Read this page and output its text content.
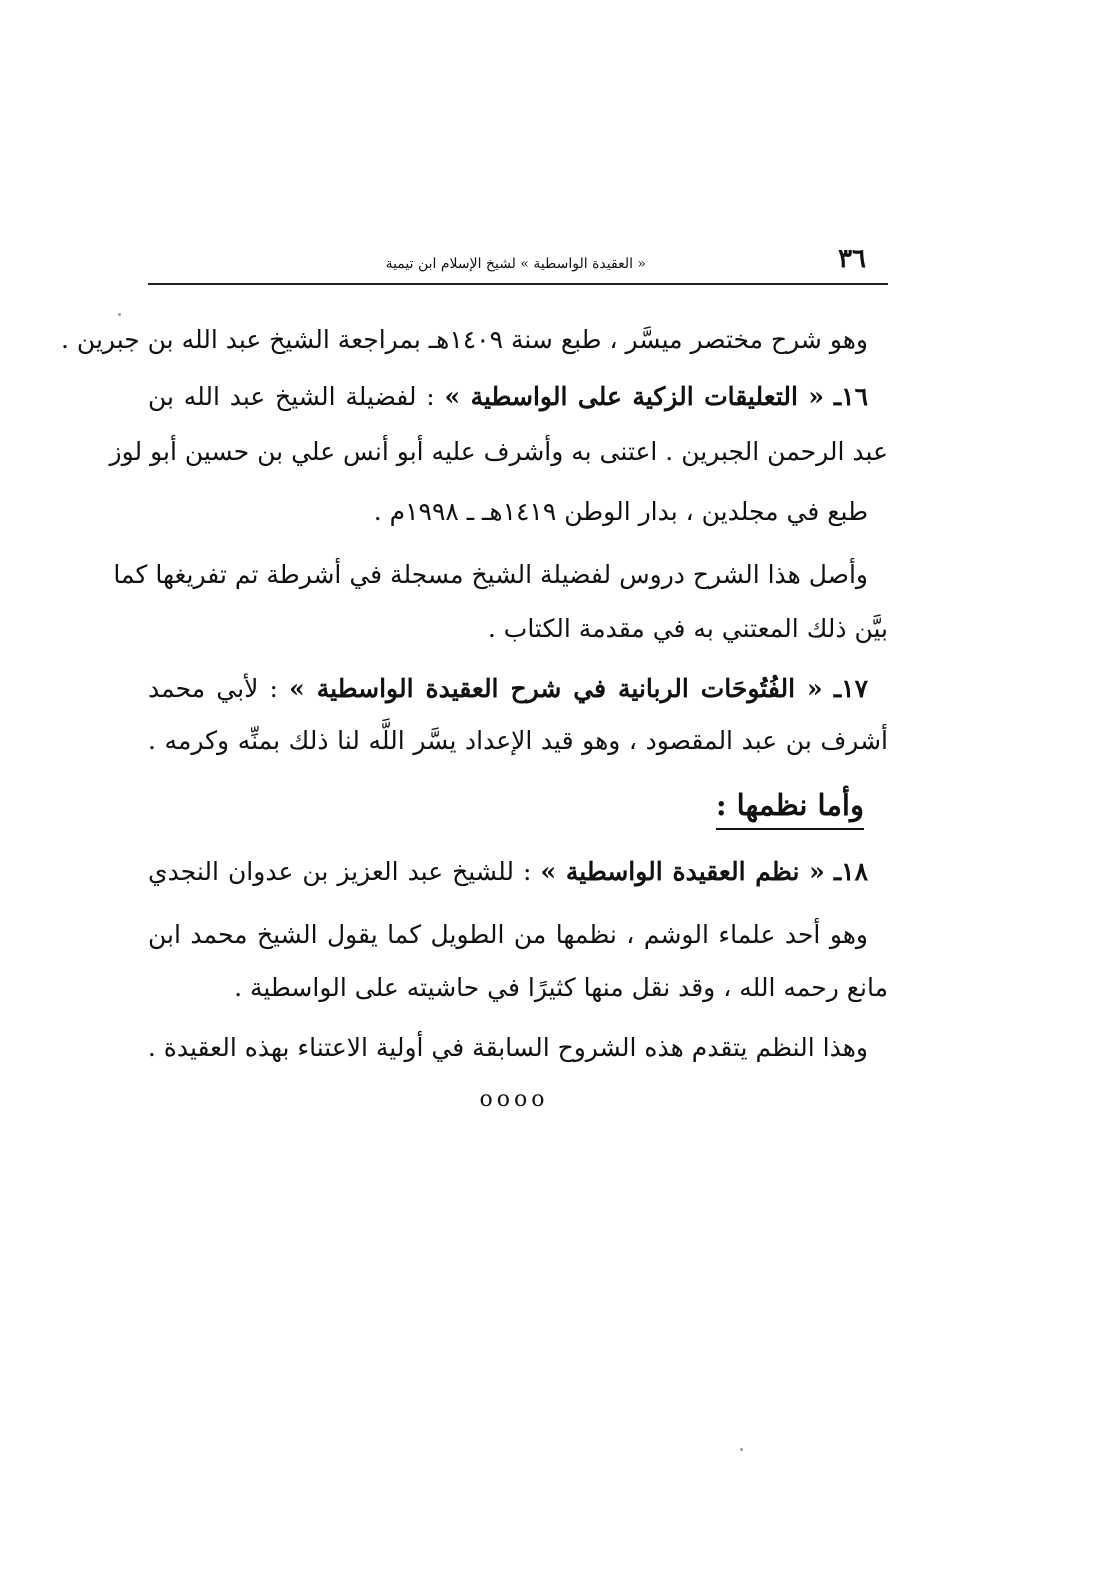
٣٦
« العقيدة الواسطية » لشيخ الإسلام ابن تيمية
وهو شرح مختصر ميسَّر ، طبع سنة ١٤٠٩هـ بمراجعة الشيخ عبد الله بن جبرين .
١٦ـ « التعليقات الزكية على الواسطية » : لفضيلة الشيخ عبد الله بن
عبد الرحمن الجبرين . اعتنى به وأشرف عليه أبو أنس علي بن حسين أبو لوز
طبع في مجلدين ، بدار الوطن ١٤١٩هـ ـ ١٩٩٨م .
وأصل هذا الشرح دروس لفضيلة الشيخ مسجلة في أشرطة تم تفريغها كما
بيَّن ذلك المعتني به في مقدمة الكتاب .
١٧ـ « الفُتُوحَات الربانية في شرح العقيدة الواسطية » : لأبي محمد
أشرف بن عبد المقصود ، وهو قيد الإعداد يسَّر اللَّه لنا ذلك بمنِّه وكرمه .
وأما نظمها :
١٨ـ « نظم العقيدة الواسطية » : للشيخ عبد العزيز بن عدوان النجدي
وهو أحد علماء الوشم ، نظمها من الطويل كما يقول الشيخ محمد ابن
مانع رحمه الله ، وقد نقل منها كثيرًا في حاشيته على الواسطية .
وهذا النظم يتقدم هذه الشروح السابقة في أولية الاعتناء بهذه العقيدة .
oooo
